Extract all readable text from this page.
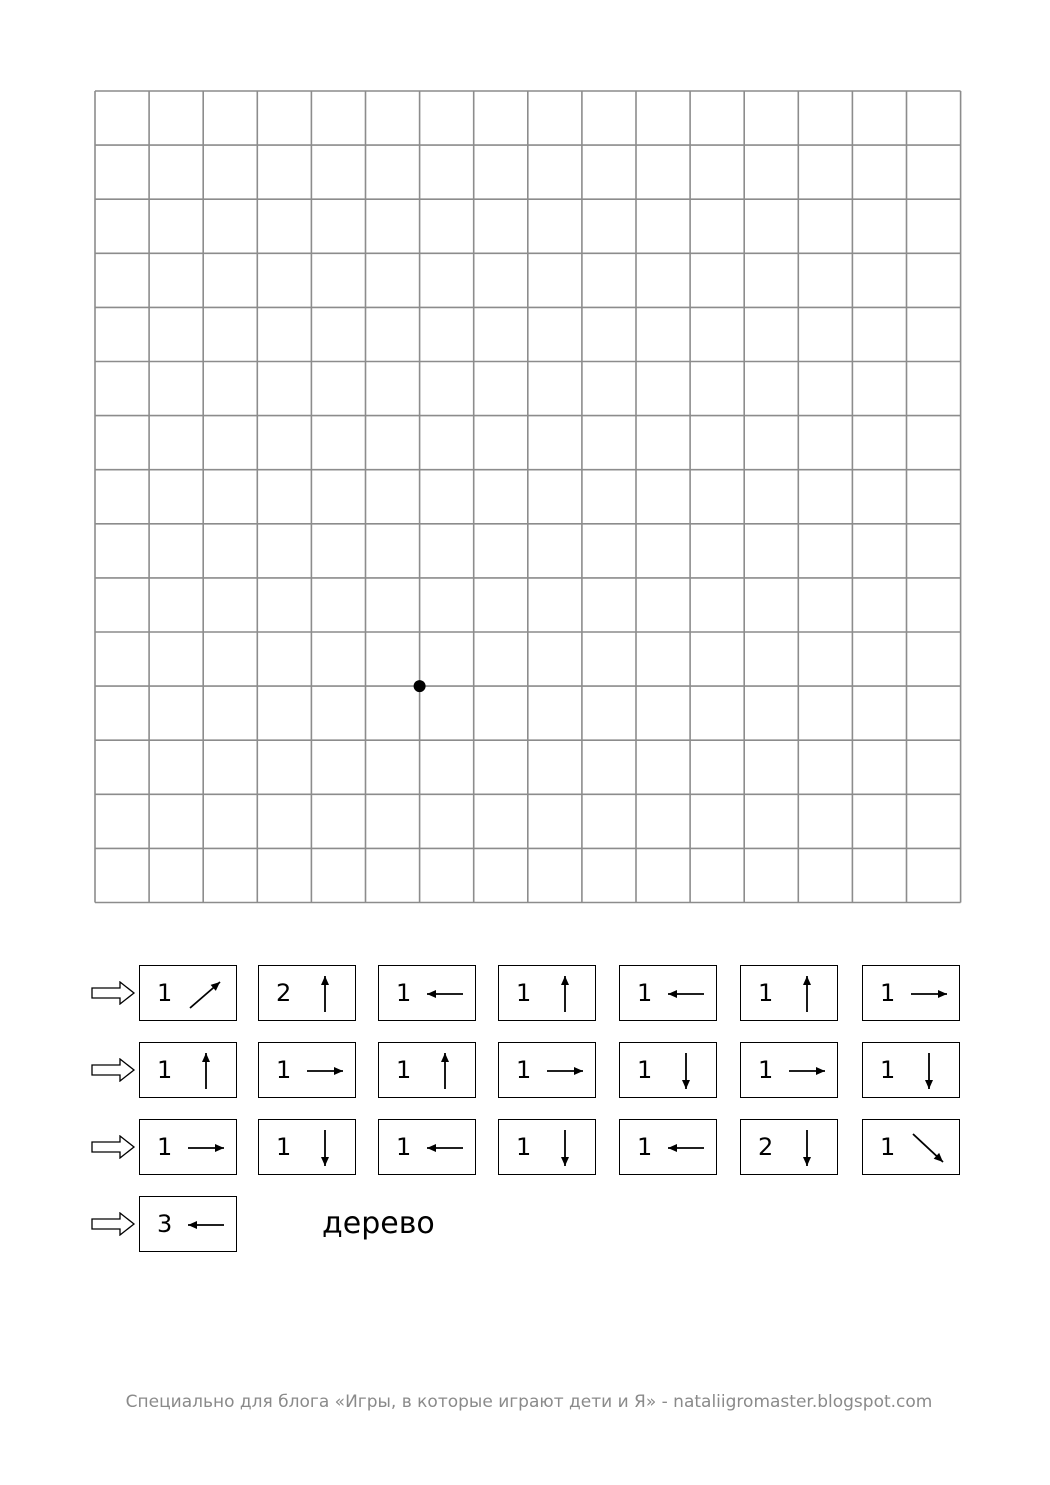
1	2	1	1	1	1	1
1	1	1	1	1	1	1
1	1	1	1	1	2	1
3	дерево
Специально для блога «Игры, в которые играют дети и Я» - nataliigromaster.blogspot.com
